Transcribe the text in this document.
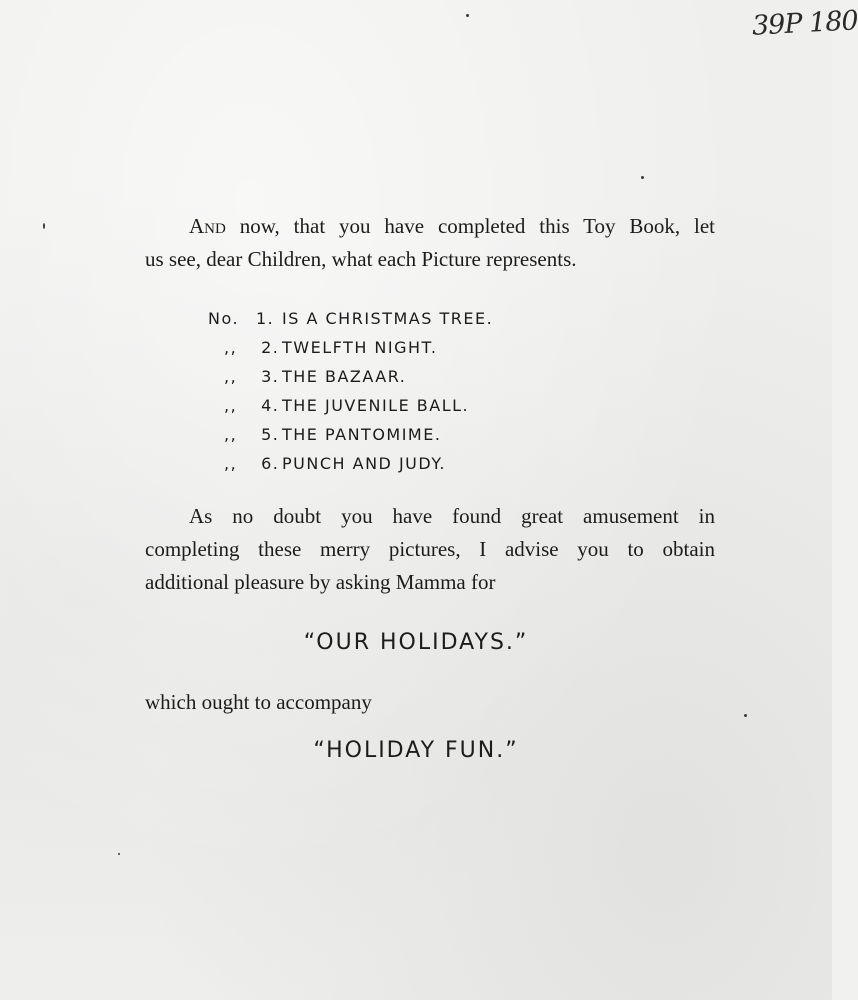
39P 180
And now, that you have completed this Toy Book, let
us see, dear Children, what each Picture represents.
No.	1. IS A CHRISTMAS TREE.
,,	2. TWELFTH NIGHT.
,,	3. THE BAZAAR.
,,	4. THE JUVENILE BALL.
,,	5. THE PANTOMIME.
,,	6. PUNCH AND JUDY.
As no doubt you have found great amusement in
completing these merry pictures, I advise you to obtain
additional pleasure by asking Mamma for
“OUR HOLIDAYS.”
which ought to accompany
“HOLIDAY FUN.”
